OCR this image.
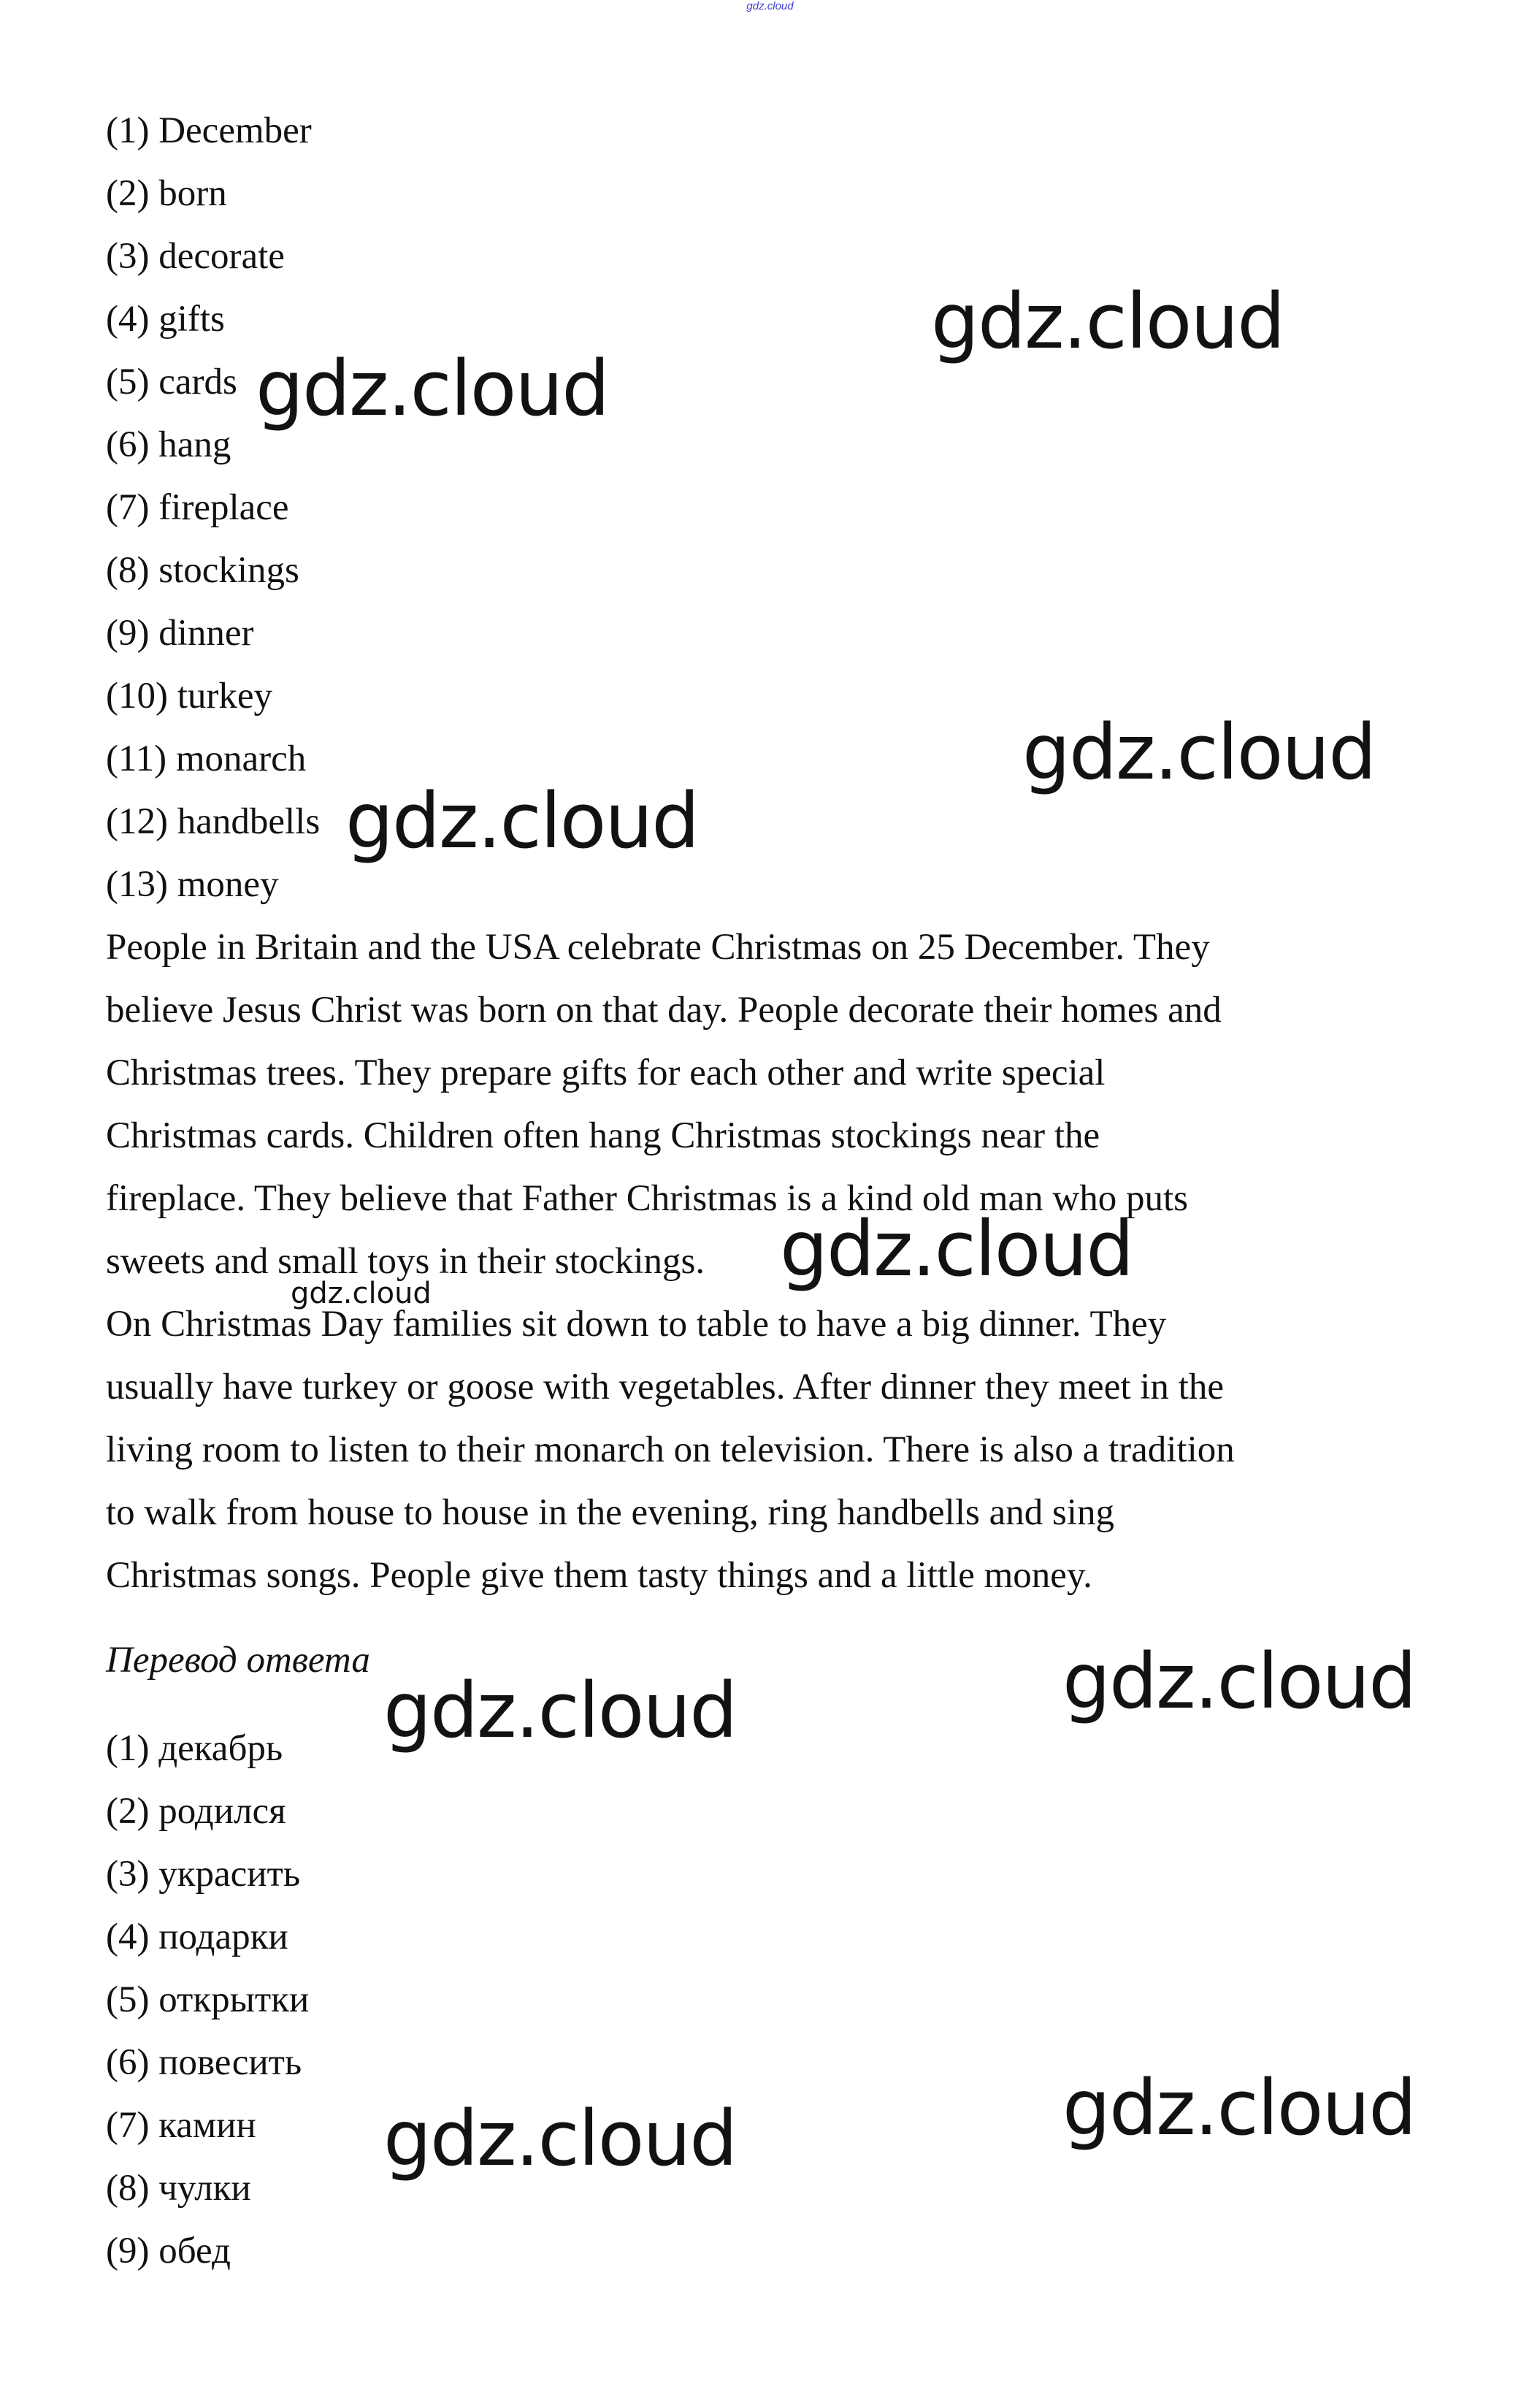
gdz.cloud
(1) December
(2) born
(3) decorate
(4) gifts
(5) cards
(6) hang
(7) fireplace
(8) stockings
(9) dinner
(10) turkey
(11) monarch
(12) handbells
(13) money
People in Britain and the USA celebrate Christmas on 25 December. They
believe Jesus Christ was born on that day. People decorate their homes and
Christmas trees. They prepare gifts for each other and write special
Christmas cards. Children often hang Christmas stockings near the
fireplace. They believe that Father Christmas is a kind old man who puts
sweets and small toys in their stockings.
On Christmas Day families sit down to table to have a big dinner. They
usually have turkey or goose with vegetables. After dinner they meet in the
living room to listen to their monarch on television. There is also a tradition
to walk from house to house in the evening, ring handbells and sing
Christmas songs. People give them tasty things and a little money.
Перевод ответа
(1) декабрь
(2) родился
(3) украсить
(4) подарки
(5) открытки
(6) повесить
(7) камин
(8) чулки
(9) обед
gdz.cloud
gdz.cloud
gdz.cloud
gdz.cloud
gdz.cloud
gdz.cloud
gdz.cloud
gdz.cloud
gdz.cloud
gdz.cloud
